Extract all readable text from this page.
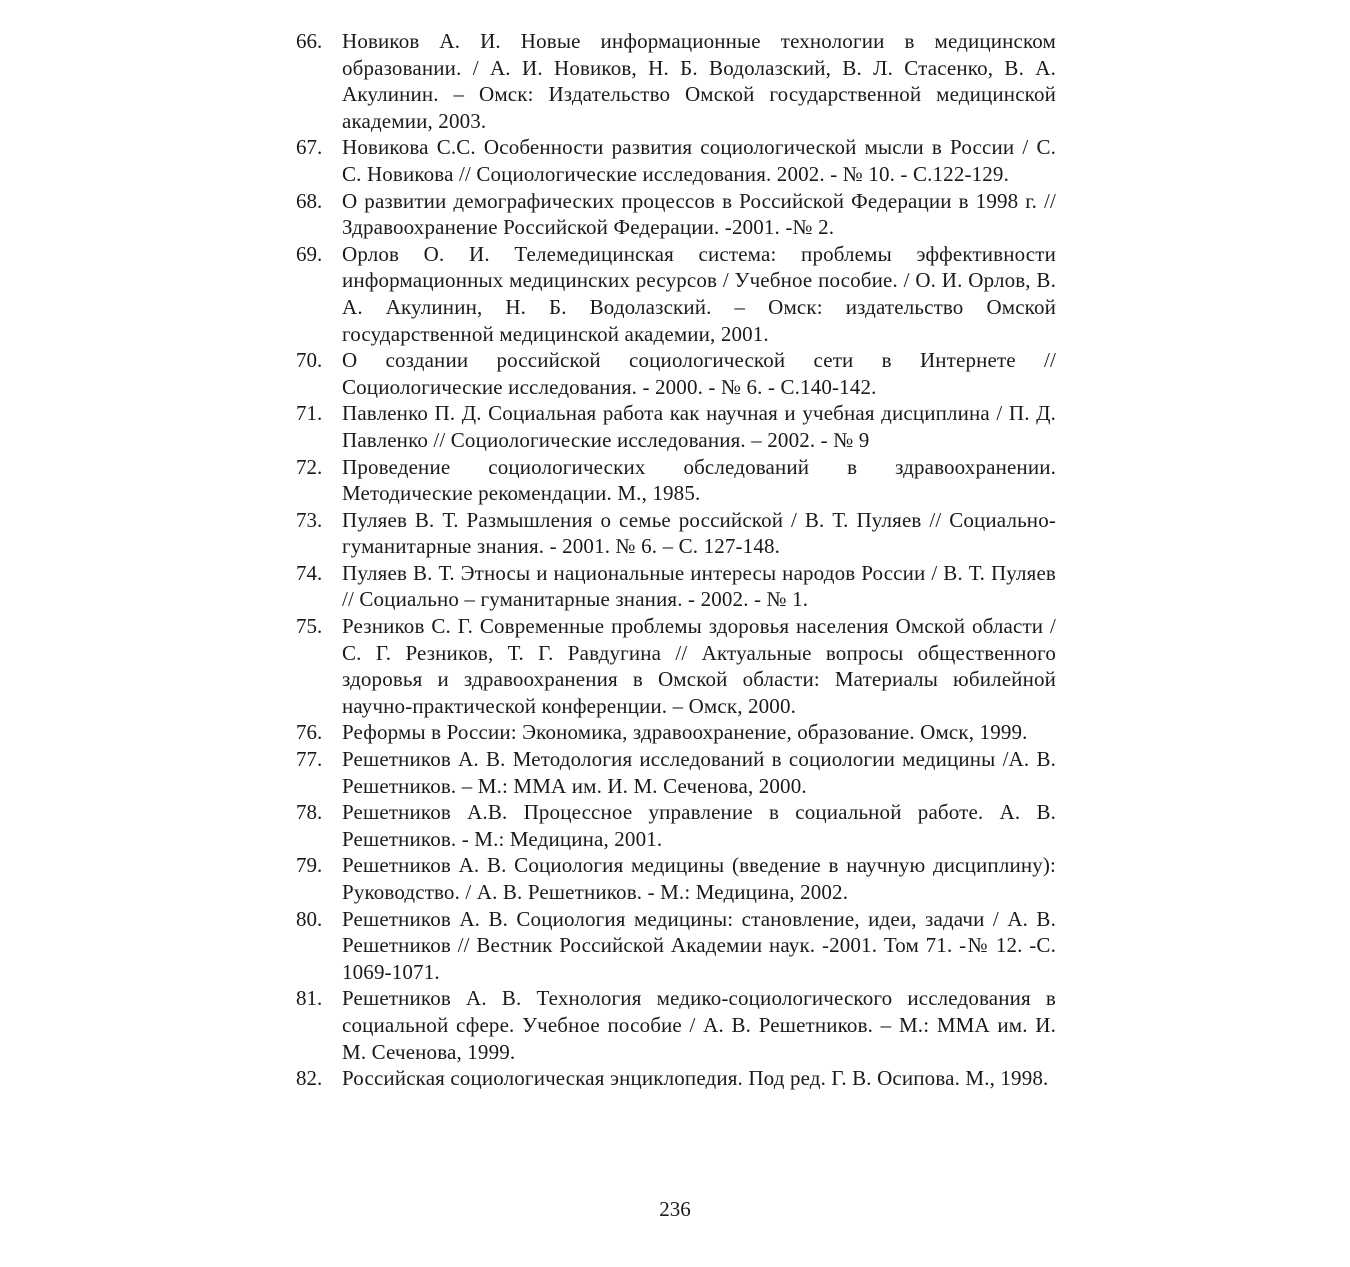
66. Новиков А. И. Новые информационные технологии в медицинском образовании. / А. И. Новиков, Н. Б. Водолазский, В. Л. Стасенко, В. А. Акулинин. – Омск: Издательство Омской государственной медицинской академии, 2003.
67. Новикова С.С. Особенности развития социологической мысли в России / С. С. Новикова // Социологические исследования. 2002. - № 10. - С.122-129.
68. О развитии демографических процессов в Российской Федерации в 1998 г. // Здравоохранение Российской Федерации. -2001. -№ 2.
69. Орлов О. И. Телемедицинская система: проблемы эффективности информационных медицинских ресурсов / Учебное пособие. / О. И. Орлов, В. А. Акулинин, Н. Б. Водолазский. – Омск: издательство Омской государственной медицинской академии, 2001.
70. О создании российской социологической сети в Интернете // Социологические исследования. - 2000. - № 6. - С.140-142.
71. Павленко П. Д. Социальная работа как научная и учебная дисциплина / П. Д. Павленко // Социологические исследования. – 2002. - № 9
72. Проведение социологических обследований в здравоохранении. Методические рекомендации. М., 1985.
73. Пуляев В. Т. Размышления о семье российской / В. Т. Пуляев // Социально-гуманитарные знания. - 2001. № 6. – С. 127-148.
74. Пуляев В. Т. Этносы и национальные интересы народов России / В. Т. Пуляев // Социально – гуманитарные знания. - 2002. - № 1.
75. Резников С. Г. Современные проблемы здоровья населения Омской области / С. Г. Резников, Т. Г. Равдугина // Актуальные вопросы общественного здоровья и здравоохранения в Омской области: Материалы юбилейной научно-практической конференции. – Омск, 2000.
76. Реформы в России: Экономика, здравоохранение, образование. Омск, 1999.
77. Решетников А. В. Методология исследований в социологии медицины /А. В. Решетников. – М.: ММА им. И. М. Сеченова, 2000.
78. Решетников А.В. Процессное управление в социальной работе. А. В. Решетников. - М.: Медицина, 2001.
79. Решетников А. В. Социология медицины (введение в научную дисциплину): Руководство. / А. В. Решетников. - М.: Медицина, 2002.
80. Решетников А. В. Социология медицины: становление, идеи, задачи / А. В. Решетников // Вестник Российской Академии наук. -2001. Том 71. -№ 12. -С. 1069-1071.
81. Решетников А. В. Технология медико-социологического исследования в социальной сфере. Учебное пособие / А. В. Решетников. – М.: ММА им. И. М. Сеченова, 1999.
82. Российская социологическая энциклопедия. Под ред. Г. В. Осипова. М., 1998.
236
